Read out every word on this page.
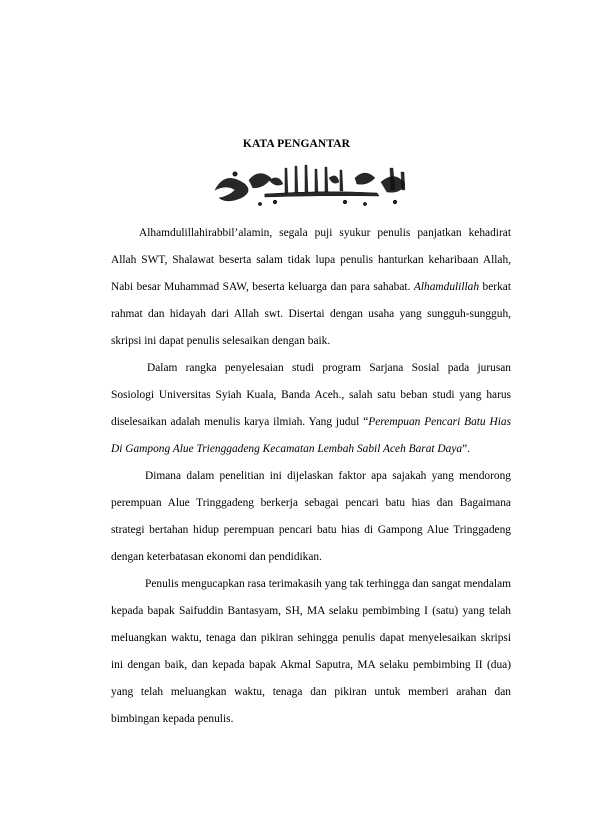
KATA PENGANTAR

Alhamdulillahirabbil’alamin, segala puji syukur penulis panjatkan kehadirat Allah SWT, Shalawat beserta salam tidak lupa penulis hanturkan keharibaan Allah, Nabi besar Muhammad SAW, beserta keluarga dan para sahabat. Alhamdulillah berkat rahmat dan hidayah dari Allah swt. Disertai dengan usaha yang sungguh-sungguh, skripsi ini dapat penulis selesaikan dengan baik.

Dalam rangka penyelesaian studi program Sarjana Sosial pada jurusan Sosiologi Universitas Syiah Kuala, Banda Aceh., salah satu beban studi yang harus diselesaikan adalah menulis karya ilmiah. Yang judul “Perempuan Pencari Batu Hias Di Gampong Alue Trienggadeng Kecamatan Lembah Sabil Aceh Barat Daya”.

Dimana dalam penelitian ini dijelaskan faktor apa sajakah yang mendorong perempuan Alue Tringgadeng berkerja sebagai pencari batu hias dan Bagaimana strategi bertahan hidup perempuan pencari batu hias di Gampong Alue Tringgadeng dengan keterbatasan ekonomi dan pendidikan.

Penulis mengucapkan rasa terimakasih yang tak terhingga dan sangat mendalam kepada bapak Saifuddin Bantasyam, SH, MA selaku pembimbing I (satu) yang telah meluangkan waktu, tenaga dan pikiran sehingga penulis dapat menyelesaikan skripsi ini dengan baik, dan kepada bapak Akmal Saputra, MA selaku pembimbing II (dua) yang telah meluangkan waktu, tenaga dan pikiran untuk memberi arahan dan bimbingan kepada penulis.
